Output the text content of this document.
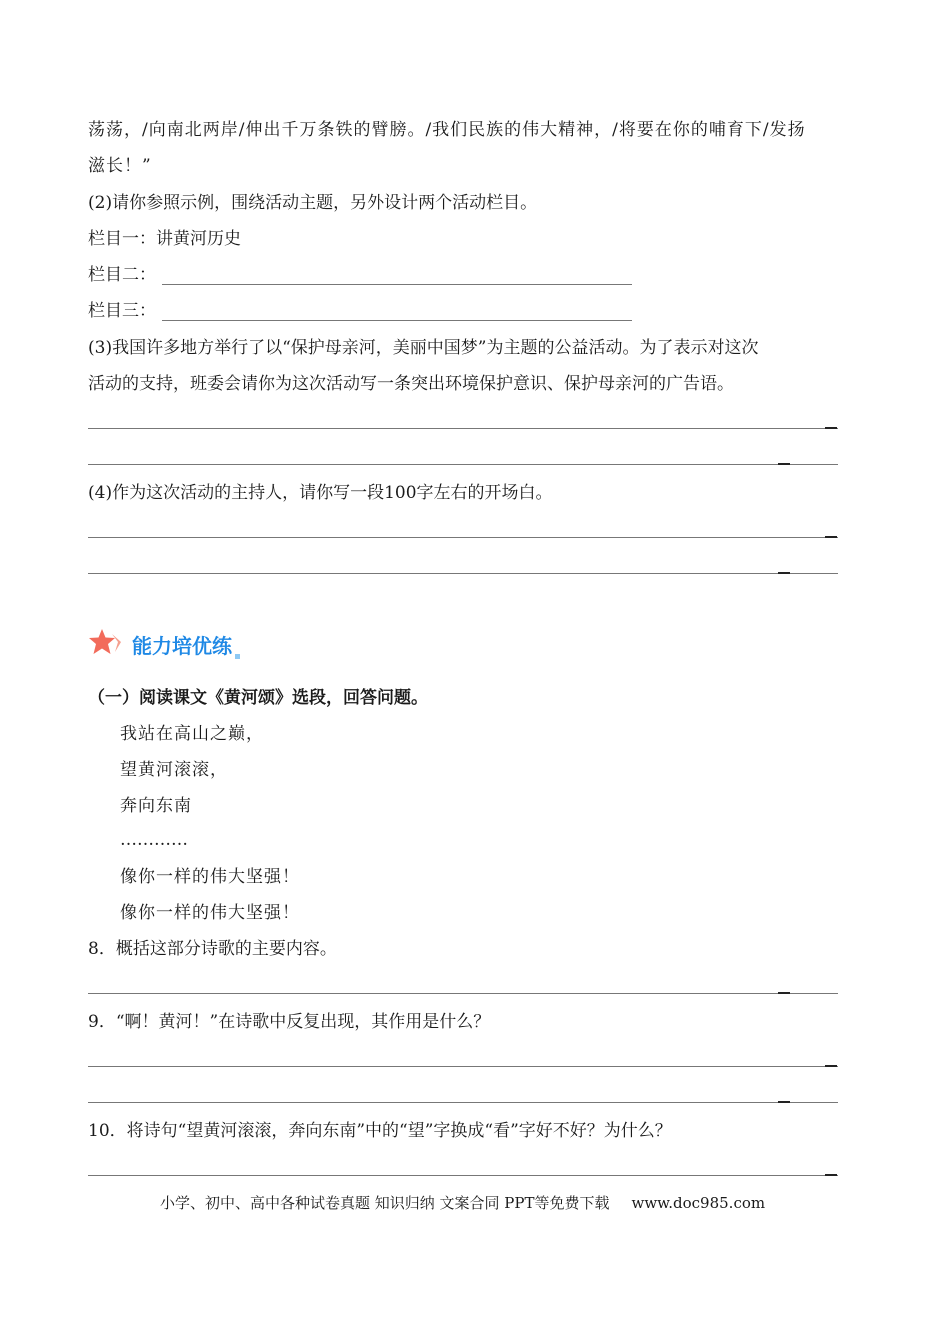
荡荡，/向南北两岸/伸出千万条铁的臂膀。/我们民族的伟大精神，/将要在你的哺育下/发扬
滋长！”
(2)请你参照示例，围绕活动主题，另外设计两个活动栏目。
栏目一：讲黄河历史
栏目二：
栏目三：
(3)我国许多地方举行了以“保护母亲河，美丽中国梦”为主题的公益活动。为了表示对这次
活动的支持，班委会请你为这次活动写一条突出环境保护意识、保护母亲河的广告语。
(4)作为这次活动的主持人，请你写一段100字左右的开场白。
能力培优练
（一）阅读课文《黄河颂》选段，回答问题。
我站在高山之巅，
望黄河滚滚，
奔向东南
…………
像你一样的伟大坚强！
像你一样的伟大坚强！
8．概括这部分诗歌的主要内容。
9．“啊！黄河！”在诗歌中反复出现，其作用是什么？
10．将诗句“望黄河滚滚，奔向东南”中的“望”字换成“看”字好不好？为什么？
小学、初中、高中各种试卷真题 知识归纳 文案合同 PPT等免费下载 www.doc985.com
